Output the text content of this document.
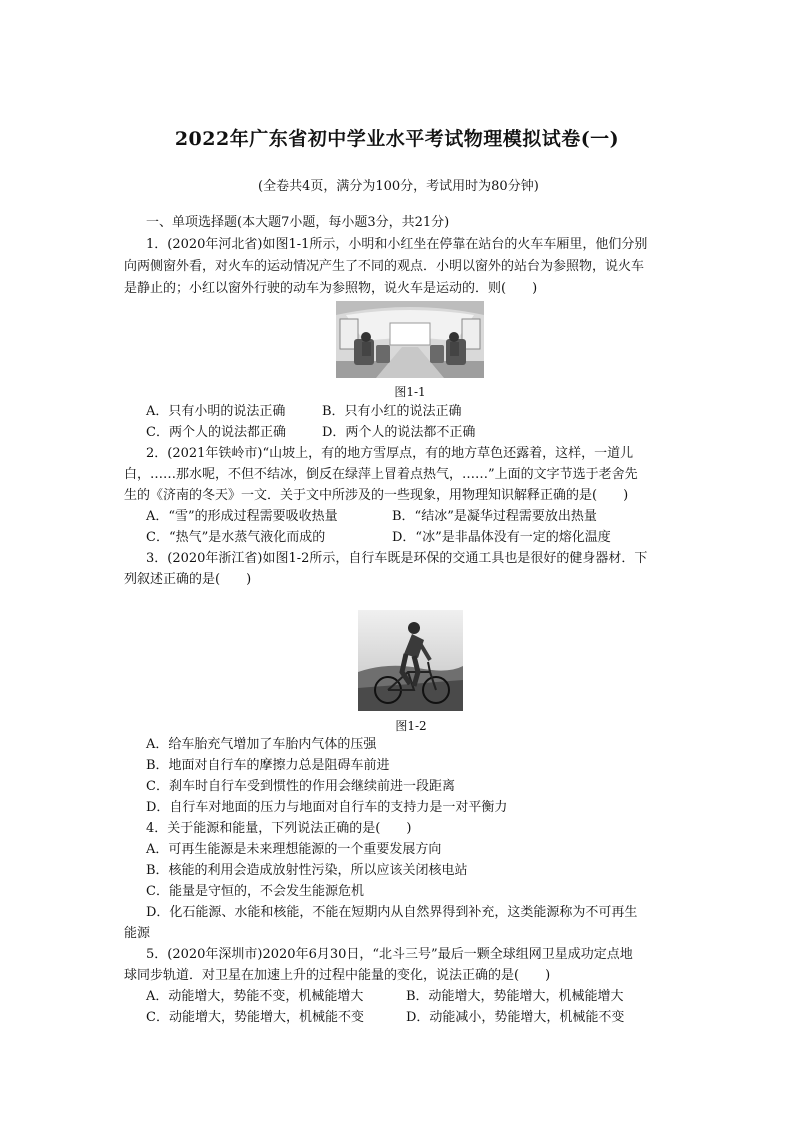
2022年广东省初中学业水平考试物理模拟试卷(一)
(全卷共4页，满分为100分，考试用时为80分钟)
一、单项选择题(本大题7小题，每小题3分，共21分)
1．(2020年河北省)如图1-1所示，小明和小红坐在停靠在站台的火车车厢里，他们分别
向两侧窗外看，对火车的运动情况产生了不同的观点．小明以窗外的站台为参照物，说火车
是静止的；小红以窗外行驶的动车为参照物，说火车是运动的．则(　　)
图1-1
A．只有小明的说法正确	B．只有小红的说法正确
C．两个人的说法都正确	D．两个人的说法都不正确
2．(2021年铁岭市)“山坡上，有的地方雪厚点，有的地方草色还露着，这样，一道儿
白，……那水呢，不但不结冰，倒反在绿萍上冒着点热气，……”上面的文字节选于老舍先
生的《济南的冬天》一文．关于文中所涉及的一些现象，用物理知识解释正确的是(　　)
A．“雪”的形成过程需要吸收热量	B．“结冰”是凝华过程需要放出热量
C．“热气”是水蒸气液化而成的	D．“冰”是非晶体没有一定的熔化温度
3．(2020年浙江省)如图1-2所示，自行车既是环保的交通工具也是很好的健身器材．下
列叙述正确的是(　　)
图1-2
A．给车胎充气增加了车胎内气体的压强
B．地面对自行车的摩擦力总是阻碍车前进
C．刹车时自行车受到惯性的作用会继续前进一段距离
D．自行车对地面的压力与地面对自行车的支持力是一对平衡力
4．关于能源和能量，下列说法正确的是(　　)
A．可再生能源是未来理想能源的一个重要发展方向
B．核能的利用会造成放射性污染，所以应该关闭核电站
C．能量是守恒的，不会发生能源危机
D．化石能源、水能和核能，不能在短期内从自然界得到补充，这类能源称为不可再生
能源
5．(2020年深圳市)2020年6月30日，“北斗三号”最后一颗全球组网卫星成功定点地
球同步轨道．对卫星在加速上升的过程中能量的变化，说法正确的是(　　)
A．动能增大，势能不变，机械能增大	B．动能增大，势能增大，机械能增大
C．动能增大，势能增大，机械能不变	D．动能减小，势能增大，机械能不变
